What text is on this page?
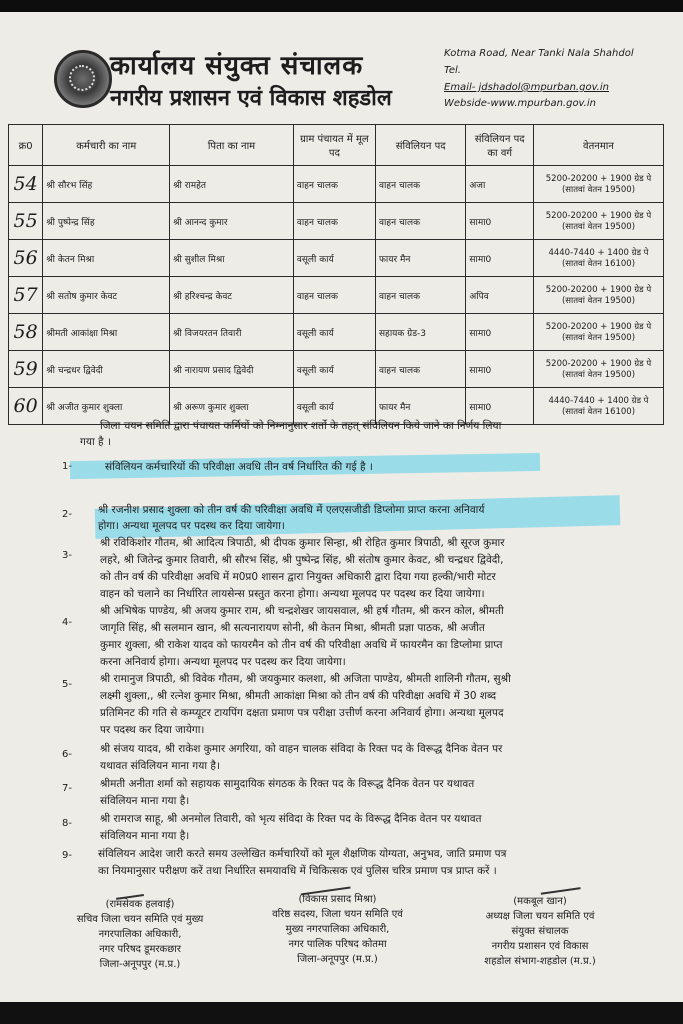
कार्यालय संयुक्त संचालक
नगरीय प्रशासन एवं विकास शहडोल
Kotma Road, Near Tanki Nala Shahdol
Tel.
Email- jdshadol@mpurban.gov.in
Webside-www.mpurban.gov.in
क्र0	कर्मचारी का नाम	पिता का नाम	ग्राम पंचायत में मूल पद	संविलियन पद	संविलियन पद का वर्ग	वेतनमान
54	श्री सौरभ सिंह	श्री रामहेत	वाहन चालक	वाहन चालक	अजा	5200-20200 + 1900 ग्रेड पे (सातवां वेतन 19500)
55	श्री पुष्पेन्द्र सिंह	श्री आनन्द कुमार	वाहन चालक	वाहन चालक	सामा0	5200-20200 + 1900 ग्रेड पे (सातवां वेतन 19500)
56	श्री केतन मिश्रा	श्री सुशील मिश्रा	वसूली कार्य	फायर मैन	सामा0	4440-7440 + 1400 ग्रेड पे (सातवां वेतन 16100)
57	श्री सतोष कुमार केवट	श्री हरिश्चन्द्र केवट	वाहन चालक	वाहन चालक	अपिव	5200-20200 + 1900 ग्रेड पे (सातवां वेतन 19500)
58	श्रीमती आकांक्षा मिश्रा	श्री विजयरतन तिवारी	वसूली कार्य	सहायक ग्रेड-3	सामा0	5200-20200 + 1900 ग्रेड पे (सातवां वेतन 19500)
59	श्री चन्द्रधर द्विवेदी	श्री नारायण प्रसाद द्विवेदी	वसूली कार्य	वाहन चालक	सामा0	5200-20200 + 1900 ग्रेड पे (सातवां वेतन 19500)
60	श्री अजीत कुमार शुक्ला	श्री अरूण कुमार शुक्ला	वसूली कार्य	फायर मैन	सामा0	4440-7440 + 1400 ग्रेड पे (सातवां वेतन 16100)
जिला चयन समिति द्वारा पंचायत कर्मियों को निम्नानुसार शर्तो के तहत् संविलियन किये जाने का निर्णय लिया
गया है ।
1-	संविलियन कर्मचारियों की परिवीक्षा अवधि तीन वर्ष निर्धारित की गई है ।
2- श्री रजनीश प्रसाद शुक्ला को तीन वर्ष की परिवीक्षा अवधि में एलएसजीडी डिप्लोमा प्राप्त करना अनिवार्य
होगा। अन्यथा मूलपद पर पदस्थ कर दिया जायेगा।
3-
श्री रविकिशोर गौतम, श्री आदित्य त्रिपाठी, श्री दीपक कुमार सिन्हा, श्री रोहित कुमार त्रिपाठी, श्री सूरज कुमार
लहरे, श्री जितेन्द्र कुमार तिवारी, श्री सौरभ सिंह, श्री पुष्पेन्द्र सिंह, श्री संतोष कुमार केवट, श्री चन्द्रधर द्विवेदी,
को तीन वर्ष की परिवीक्षा अवधि में म0प्र0 शासन द्वारा नियुक्त अधिकारी द्वारा दिया गया हल्की/भारी मोटर
वाहन को चलाने का निर्धारित लायसेन्स प्रस्तुत करना होगा। अन्यथा मूलपद पर पदस्थ कर दिया जायेगा।
4-
श्री अभिषेक पाण्डेय, श्री अजय कुमार राम, श्री चन्द्रशेखर जायसवाल, श्री हर्ष गौतम, श्री करन कोल, श्रीमती
जागृति सिंह, श्री सलमान खान, श्री सत्यनारायण सोनी, श्री केतन मिश्रा, श्रीमती प्रज्ञा पाठक, श्री अजीत
कुमार शुक्ला, श्री राकेश यादव को फायरमैन को तीन वर्ष की परिवीक्षा अवधि में फायरमैन का डिप्लोमा प्राप्त
करना अनिवार्य होगा। अन्यथा मूलपद पर पदस्थ कर दिया जायेगा।
5-	श्री रामानुज त्रिपाठी, श्री विवेक गौतम, श्री जयकुमार कलशा, श्री अजिता पाण्डेय, श्रीमती शालिनी गौतम, सुश्री
लक्ष्मी शुक्ला,, श्री रत्नेश कुमार मिश्रा, श्रीमती आकांक्षा मिश्रा को तीन वर्ष की परिवीक्षा अवधि में 30 शब्द
प्रतिमिनट की गति से कम्प्यूटर टायपिंग दक्षता प्रमाण पत्र परीक्षा उत्तीर्ण करना अनिवार्य होगा। अन्यथा मूलपद
पर पदस्थ कर दिया जायेगा।
6-	श्री संजय यादव, श्री राकेश कुमार अगरिया, को वाहन चालक संविदा के रिक्त पद के विरूद्ध दैनिक वेतन पर
यथावत संविलियन माना गया है।
7-	श्रीमती अनीता शर्मा को सहायक सामुदायिक संगठक के रिक्त पद के विरूद्ध दैनिक वेतन पर यथावत
संविलियन माना गया है।
8-	श्री रामराज साहू, श्री अनमोल तिवारी, को भृत्य संविदा के रिक्त पद के विरूद्ध दैनिक वेतन पर यथावत
संविलियन माना गया है।
9- संविलियन आदेश जारी करते समय उल्लेखित कर्मचारियों को मूल शैक्षणिक योग्यता, अनुभव, जाति प्रमाण पत्र
का नियमानुसार परीक्षण करें तथा निर्धारित समयावधि में चिकित्सक एवं पुलिस चरित्र प्रमाण पत्र प्राप्त करें ।
(रामसेवक हलवाई)
सचिव जिला चयन समिति एवं मुख्य
नगरपालिका अधिकारी,
नगर परिषद डूमरकछार
जिला-अनूपपुर (म.प्र.)
(विकास प्रसाद मिश्रा)
वरिष्ठ सदस्य, जिला चयन समिति एवं
मुख्य नगरपालिका अधिकारी,
नगर पालिक परिषद कोतमा
जिला-अनूपपुर (म.प्र.)
(मकबूल खान)
अध्यक्ष जिला चयन समिति एवं
संयुक्त संचालक
नगरीय प्रशासन एवं विकास
शहडोल संभाग-शहडोल (म.प्र.)
